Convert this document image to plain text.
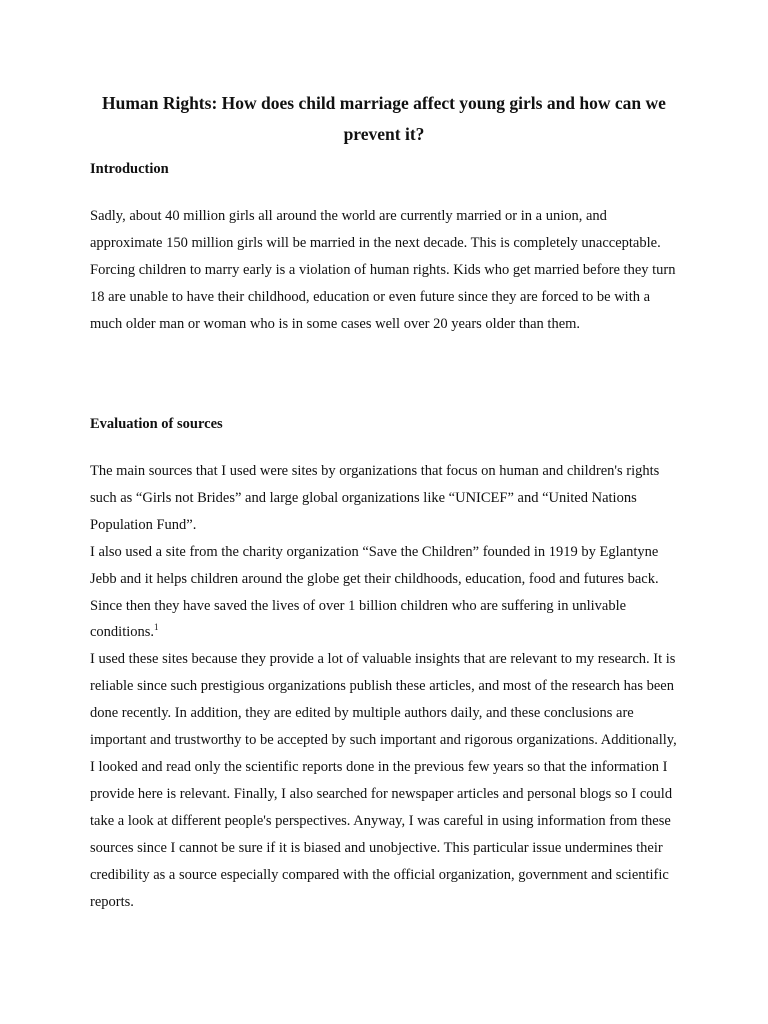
Human Rights: How does child marriage affect young girls and how can we prevent it?
Introduction

Sadly, about 40 million girls all around the world are currently married or in a union, and approximate 150 million girls will be married in the next decade. This is completely unacceptable. Forcing children to marry early is a violation of human rights. Kids who get married before they turn 18 are unable to have their childhood, education or even future since they are forced to be with a much older man or woman who is in some cases well over 20 years older than them.

Evaluation of sources

The main sources that I used were sites by organizations that focus on human and children's rights such as “Girls not Brides” and large global organizations like “UNICEF” and “United Nations Population Fund”.

I also used a site from the charity organization “Save the Children” founded in 1919 by Eglantyne Jebb and it helps children around the globe get their childhoods, education, food and futures back. Since then they have saved the lives of over 1 billion children who are suffering in unlivable conditions.$^1$

I used these sites because they provide a lot of valuable insights that are relevant to my research. It is reliable since such prestigious organizations publish these articles, and most of the research has been done recently. In addition, they are edited by multiple authors daily, and these conclusions are important and trustworthy to be accepted by such important and rigorous organizations. Additionally, I looked and read only the scientific reports done in the previous few years so that the information I provide here is relevant. Finally, I also searched for newspaper articles and personal blogs so I could take a look at different people's perspectives. Anyway, I was careful in using information from these sources since I cannot be sure if it is biased and unobjective. This particular issue undermines their credibility as a source especially compared with the official organization, government and scientific reports.
